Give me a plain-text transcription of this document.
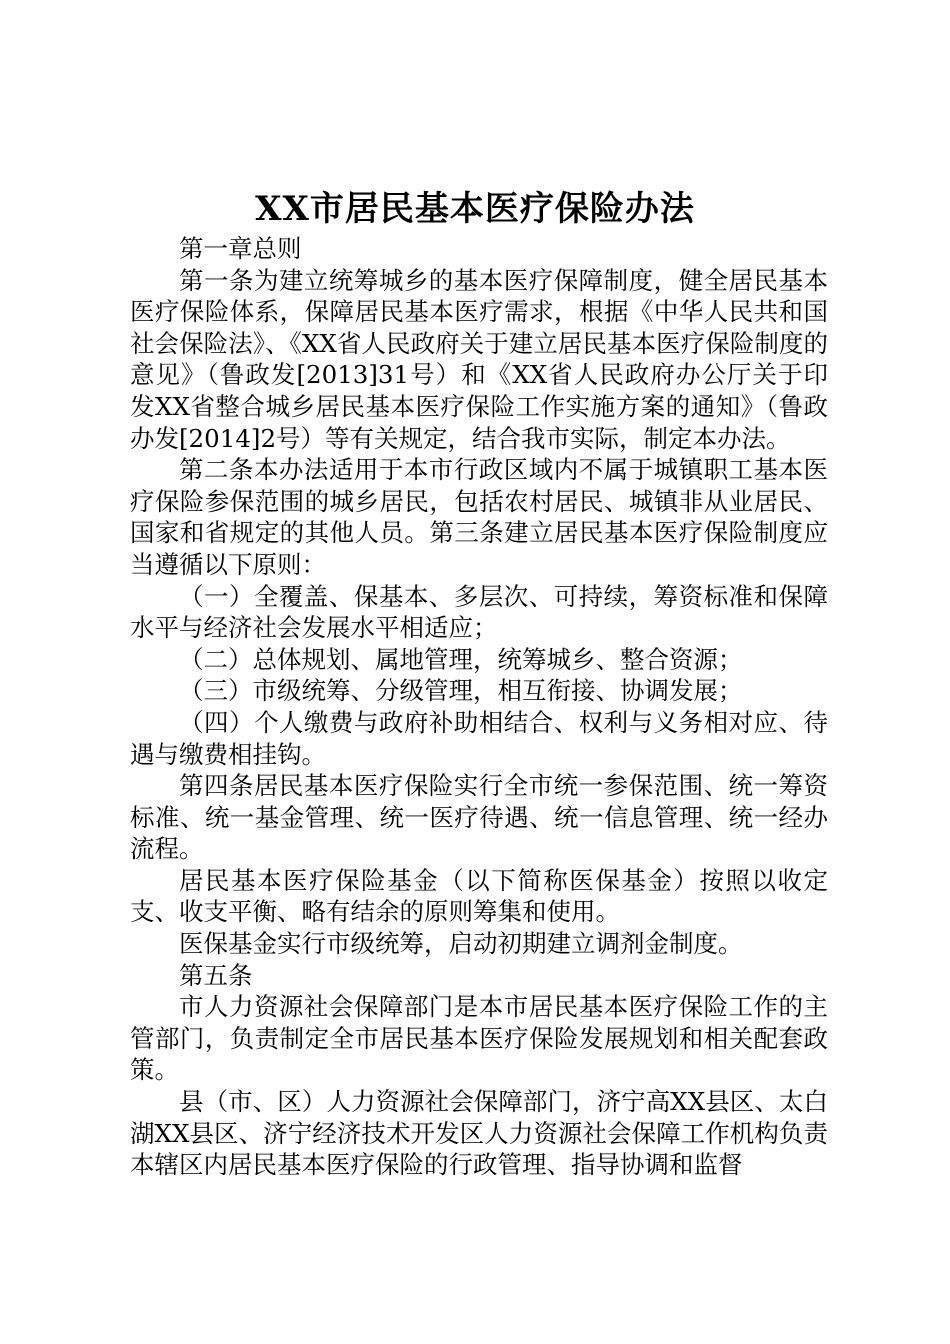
XX市居民基本医疗保险办法

第一章总则

第一条为建立统筹城乡的基本医疗保障制度，健全居民基本医疗保险体系，保障居民基本医疗需求，根据《中华人民共和国社会保险法》、《XX省人民政府关于建立居民基本医疗保险制度的意见》（鲁政发[2013]31号）和《XX省人民政府办公厅关于印发XX省整合城乡居民基本医疗保险工作实施方案的通知》（鲁政办发[2014]2号）等有关规定，结合我市实际，制定本办法。

第二条本办法适用于本市行政区域内不属于城镇职工基本医疗保险参保范围的城乡居民，包括农村居民、城镇非从业居民、国家和省规定的其他人员。第三条建立居民基本医疗保险制度应当遵循以下原则：

（一）全覆盖、保基本、多层次、可持续，筹资标准和保障水平与经济社会发展水平相适应；

（二）总体规划、属地管理，统筹城乡、整合资源；

（三）市级统筹、分级管理，相互衔接、协调发展；

（四）个人缴费与政府补助相结合、权利与义务相对应、待遇与缴费相挂钩。

第四条居民基本医疗保险实行全市统一参保范围、统一筹资标准、统一基金管理、统一医疗待遇、统一信息管理、统一经办流程。

居民基本医疗保险基金（以下简称医保基金）按照以收定支、收支平衡、略有结余的原则筹集和使用。

医保基金实行市级统筹，启动初期建立调剂金制度。

第五条

市人力资源社会保障部门是本市居民基本医疗保险工作的主管部门，负责制定全市居民基本医疗保险发展规划和相关配套政策。

县（市、区）人力资源社会保障部门，济宁高XX县区、太白湖XX县区、济宁经济技术开发区人力资源社会保障工作机构负责本辖区内居民基本医疗保险的行政管理、指导协调和监督
